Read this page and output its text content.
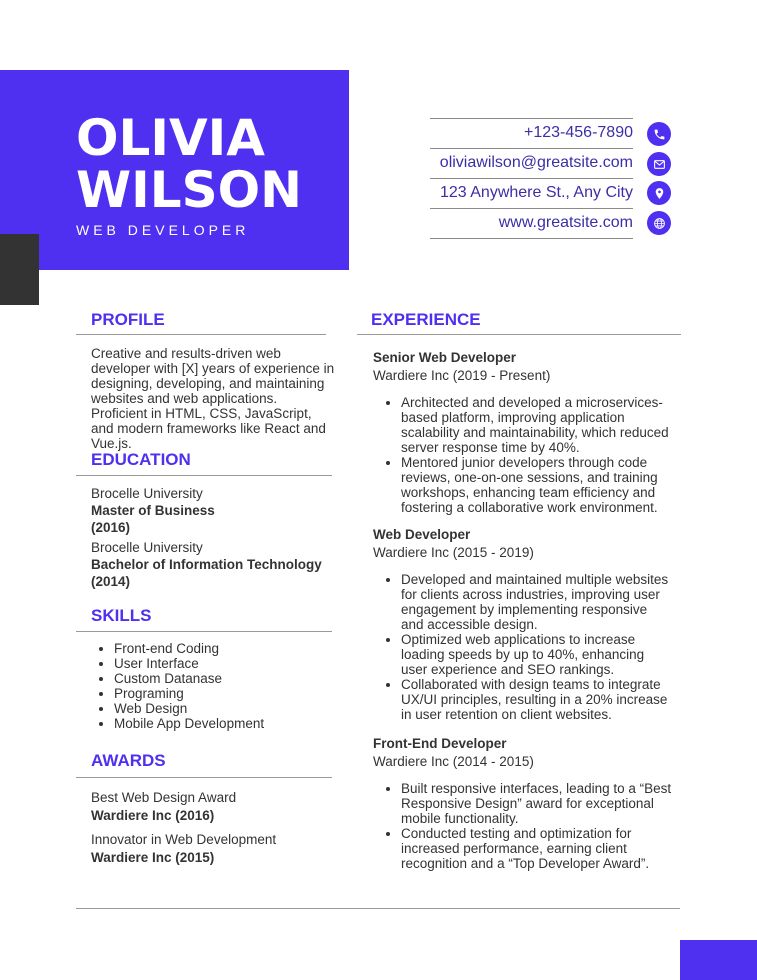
OLIVIA
WILSON
WEB DEVELOPER
+123-456-7890
oliviawilson@greatsite.com
123 Anywhere St., Any City
www.greatsite.com
PROFILE

Creative and results-driven web developer with [X] years of experience in designing, developing, and maintaining websites and web applications. Proficient in HTML, CSS, JavaScript, and modern frameworks like React and Vue.js.

EDUCATION
Brocelle University
Master of Business
(2016)
Brocelle University
Bachelor of Information Technology
(2014)
SKILLS
• Front-end Coding
• User Interface
• Custom Datanase
• Programing
• Web Design
• Mobile App Development
AWARDS
Best Web Design Award
Wardiere Inc (2016)
Innovator in Web Development
Wardiere Inc (2015)
EXPERIENCE
Senior Web Developer
Wardiere Inc (2019 - Present)
• Architected and developed a microservices-based platform, improving application scalability and maintainability, which reduced server response time by 40%.
• Mentored junior developers through code reviews, one-on-one sessions, and training workshops, enhancing team efficiency and fostering a collaborative work environment.
Web Developer
Wardiere Inc (2015 - 2019)
• Developed and maintained multiple websites for clients across industries, improving user engagement by implementing responsive and accessible design.
• Optimized web applications to increase loading speeds by up to 40%, enhancing user experience and SEO rankings.
• Collaborated with design teams to integrate UX/UI principles, resulting in a 20% increase in user retention on client websites.
Front-End Developer
Wardiere Inc (2014 - 2015)
• Built responsive interfaces, leading to a “Best Responsive Design” award for exceptional mobile functionality.
• Conducted testing and optimization for increased performance, earning client recognition and a “Top Developer Award”.
